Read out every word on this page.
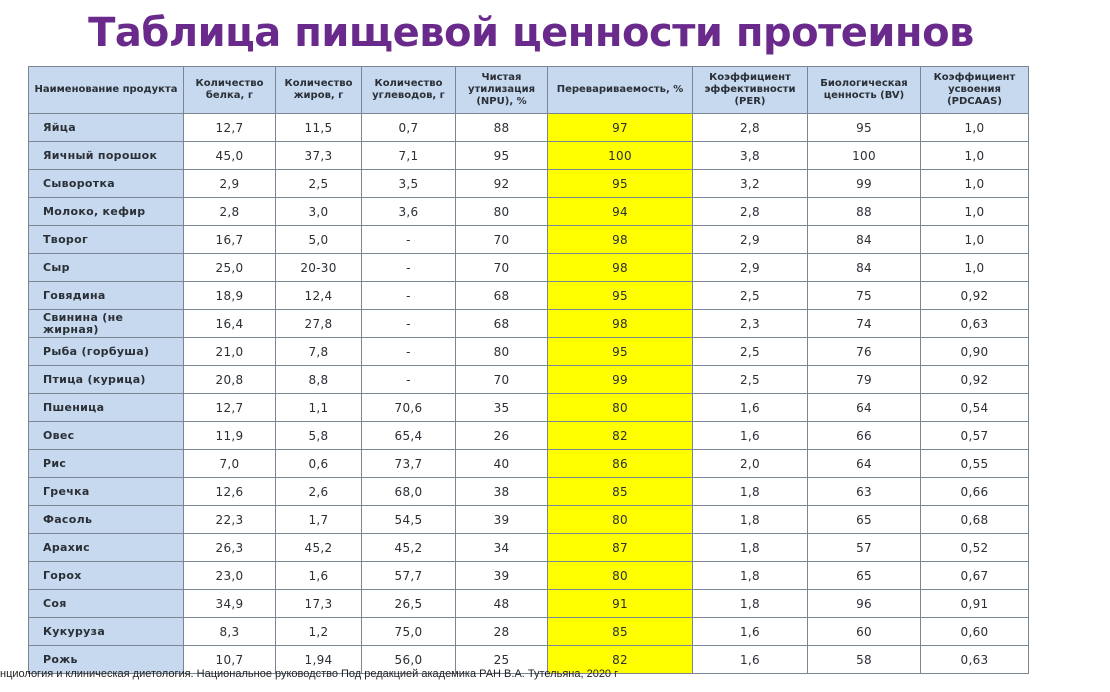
Таблица пищевой ценности протеинов
Наименование продукта	Количество белка, г	Количество жиров, г	Количество углеводов, г	Чистая утилизация (NPU), %	Перевариваемость, %	Коэффициент эффективности (PER)	Биологическая ценность (BV)	Коэффициент усвоения (PDCAAS)
Яйца	12,7	11,5	0,7	88	97	2,8	95	1,0
Яичный порошок	45,0	37,3	7,1	95	100	3,8	100	1,0
Сыворотка	2,9	2,5	3,5	92	95	3,2	99	1,0
Молоко, кефир	2,8	3,0	3,6	80	94	2,8	88	1,0
Творог	16,7	5,0	-	70	98	2,9	84	1,0
Сыр	25,0	20-30	-	70	98	2,9	84	1,0
Говядина	18,9	12,4	-	68	95	2,5	75	0,92
Свинина (не жирная)	16,4	27,8	-	68	98	2,3	74	0,63
Рыба (горбуша)	21,0	7,8	-	80	95	2,5	76	0,90
Птица (курица)	20,8	8,8	-	70	99	2,5	79	0,92
Пшеница	12,7	1,1	70,6	35	80	1,6	64	0,54
Овес	11,9	5,8	65,4	26	82	1,6	66	0,57
Рис	7,0	0,6	73,7	40	86	2,0	64	0,55
Гречка	12,6	2,6	68,0	38	85	1,8	63	0,66
Фасоль	22,3	1,7	54,5	39	80	1,8	65	0,68
Арахис	26,3	45,2	45,2	34	87	1,8	57	0,52
Горох	23,0	1,6	57,7	39	80	1,8	65	0,67
Соя	34,9	17,3	26,5	48	91	1,8	96	0,91
Кукуруза	8,3	1,2	75,0	28	85	1,6	60	0,60
Рожь	10,7	1,94	56,0	25	82	1,6	58	0,63
нциология и клиническая диетология. Национальное руководство Под редакцией академика РАН В.А. Тутельяна, 2020 г
